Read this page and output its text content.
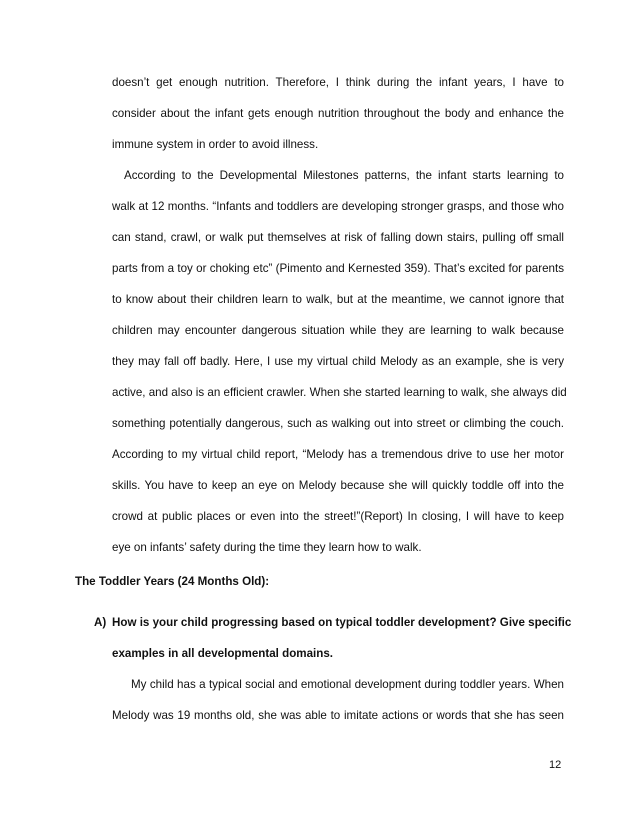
doesn’t get enough nutrition. Therefore, I think during the infant years, I have to
consider about the infant gets enough nutrition throughout the body and enhance the
immune system in order to avoid illness.
According to the Developmental Milestones patterns, the infant starts learning to
walk at 12 months. “Infants and toddlers are developing stronger grasps, and those who
can stand, crawl, or walk put themselves at risk of falling down stairs, pulling off small
parts from a toy or choking etc” (Pimento and Kernested 359). That’s excited for parents
to know about their children learn to walk, but at the meantime, we cannot ignore that
children may encounter dangerous situation while they are learning to walk because
they may fall off badly. Here, I use my virtual child Melody as an example, she is very
active, and also is an efficient crawler. When she started learning to walk, she always did
something potentially dangerous, such as walking out into street or climbing the couch.
According to my virtual child report, “Melody has a tremendous drive to use her motor
skills. You have to keep an eye on Melody because she will quickly toddle off into the
crowd at public places or even into the street!”(Report) In closing, I will have to keep
eye on infants’ safety during the time they learn how to walk.
The Toddler Years (24 Months Old):
A) How is your child progressing based on typical toddler development? Give specific
examples in all developmental domains.
My child has a typical social and emotional development during toddler years. When
Melody was 19 months old, she was able to imitate actions or words that she has seen
12
